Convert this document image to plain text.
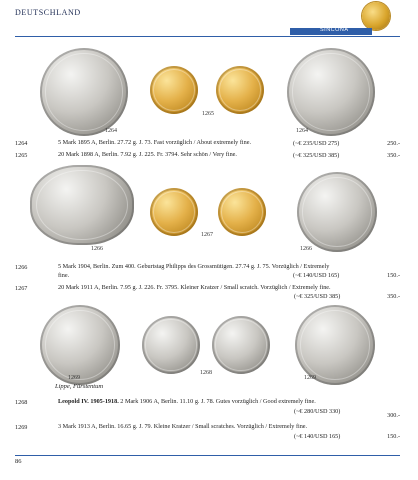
DEUTSCHLAND
SINCONA
1264
1265
1264
1264	5 Mark 1895 A, Berlin. 27.72 g. J. 73. Fast vorzüglich / About extremely fine.	(~€ 235/USD 275)	250.-
1265	20 Mark 1898 A, Berlin. 7.92 g. J. 225. Fr. 3794. Sehr schön / Very fine.	(~€ 325/USD 385)	350.-
1266
1267
1266
1266	5 Mark 1904, Berlin. Zum 400. Geburtstag Philipps des Grossmütigen. 27.74 g. J. 75. Vorzüglich / Extremely
fine.	(~€ 140/USD 165)	150.-
1267	20 Mark 1911 A, Berlin. 7.95 g. J. 226. Fr. 3795. Kleiner Kratzer / Small scratch. Vorzüglich / Extremely fine.
(~€ 325/USD 385)	350.-
1269
1268
1269
Lippe, Fürstentum
1268	Leopold IV. 1905-1918. 2 Mark 1906 A, Berlin. 11.10 g. J. 78. Gutes vorzüglich / Good extremely fine.
(~€ 280/USD 330)
300.-
1269	3 Mark 1913 A, Berlin. 16.65 g. J. 79. Kleine Kratzer / Small scratches. Vorzüglich / Extremely fine.
(~€ 140/USD 165)	150.-
86
